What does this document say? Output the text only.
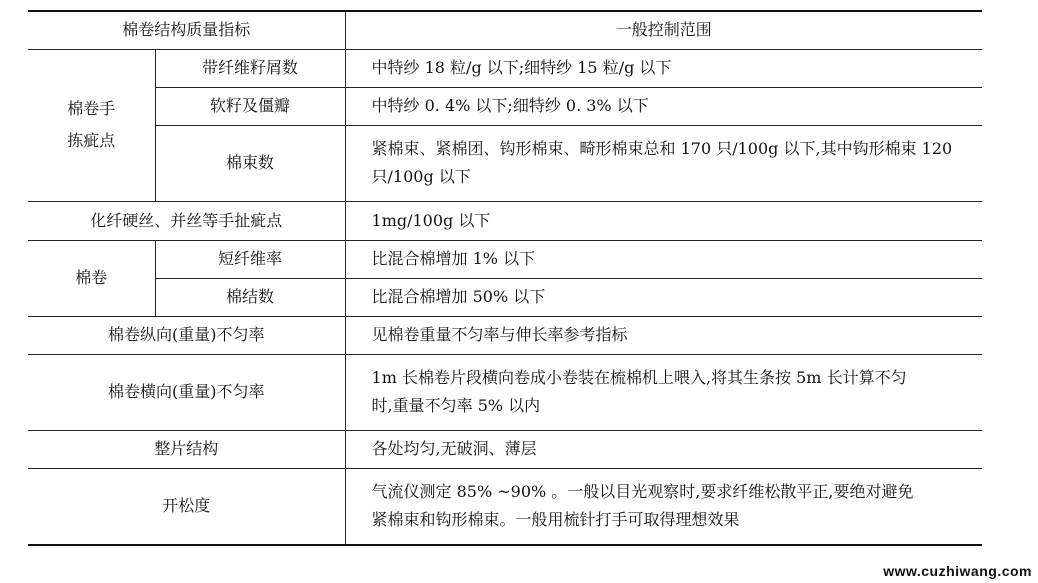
棉卷结构质量指标		一般控制范围
棉卷手
拣疵点	带纤维籽屑数	中特纱 18 粒/g 以下;细特纱 15 粒/g 以下
	软籽及僵瓣	中特纱 0. 4% 以下;细特纱 0. 3% 以下
	棉束数	紧棉束、紧棉团、钩形棉束、畸形棉束总和 170 只/100g 以下,其中钩形棉束 120
只/100g 以下
化纤硬丝、并丝等手扯疵点		1mg/100g 以下
棉卷	短纤维率	比混合棉增加 1% 以下
	棉结数	比混合棉增加 50% 以下
棉卷纵向(重量)不匀率		见棉卷重量不匀率与伸长率参考指标
棉卷横向(重量)不匀率		1m 长棉卷片段横向卷成小卷装在梳棉机上喂入,将其生条按 5m 长计算不匀
时,重量不匀率 5% 以内
整片结构		各处均匀,无破洞、薄层
开松度		气流仪测定 85% ~90% 。一般以目光观察时,要求纤维松散平正,要绝对避免
紧棉束和钩形棉束。一般用梳针打手可取得理想效果
www.cuzhiwang.com
